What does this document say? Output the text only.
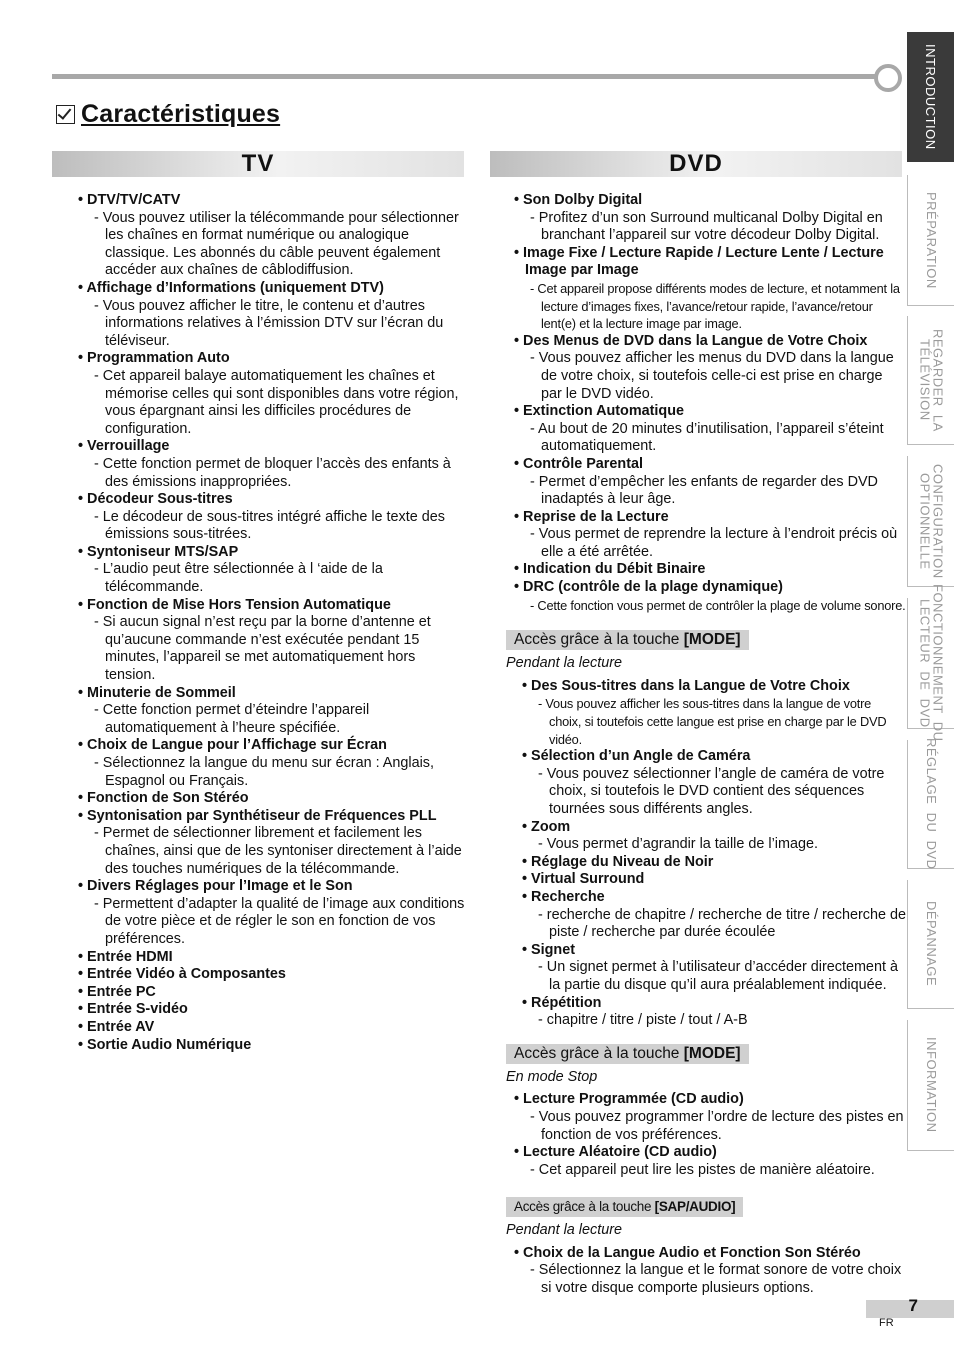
Caractéristiques
TV	DVD
• DTV/TV/CATV
- Vous pouvez utiliser la télécommande pour sélectionner les chaînes en format numérique ou analogique classique. Les abonnés du câble peuvent également accéder aux chaînes de câblodiffusion.
• Affichage d’Informations (uniquement DTV)
- Vous pouvez afficher le titre, le contenu et d’autres informations relatives à l’émission DTV sur l’écran du téléviseur.
• Programmation Auto
- Cet appareil balaye automatiquement les chaînes et mémorise celles qui sont disponibles dans votre région, vous épargnant ainsi les difficiles procédures de configuration.
• Verrouillage
- Cette fonction permet de bloquer l’accès des enfants à des émissions inappropriées.
• Décodeur Sous-titres
- Le décodeur de sous-titres intégré affiche le texte des émissions sous-titrées.
• Syntoniseur MTS/SAP
- L’audio peut être sélectionnée à l ‘aide de la télécommande.
• Fonction de Mise Hors Tension Automatique
- Si aucun signal n’est reçu par la borne d’antenne et qu’aucune commande n’est exécutée pendant 15 minutes, l’appareil se met automatiquement hors tension.
• Minuterie de Sommeil
- Cette fonction permet d’éteindre l’appareil automatiquement à l’heure spécifiée.
• Choix de Langue pour l’Affichage sur Écran
- Sélectionnez la langue du menu sur écran : Anglais, Espagnol ou Français.
• Fonction de Son Stéréo
• Syntonisation par Synthétiseur de Fréquences PLL
- Permet de sélectionner librement et facilement les chaînes, ainsi que de les syntoniser directement à l’aide des touches numériques de la télécommande.
• Divers Réglages pour l’Image et le Son
- Permettent d’adapter la qualité de l’image aux conditions de votre pièce et de régler le son en fonction de vos préférences.
• Entrée HDMI
• Entrée Vidéo à Composantes
• Entrée PC
• Entrée S-vidéo
• Entrée AV
• Sortie Audio Numérique
• Son Dolby Digital
- Profitez d’un son Surround multicanal Dolby Digital en branchant l’appareil sur votre décodeur Dolby Digital.
• Image Fixe / Lecture Rapide / Lecture Lente / Lecture Image par Image
- Cet appareil propose différents modes de lecture, et notamment la lecture d’images fixes, l’avance/retour rapide, l’avance/retour lent(e) et la lecture image par image.
• Des Menus de DVD dans la Langue de Votre Choix
- Vous pouvez afficher les menus du DVD dans la langue de votre choix, si toutefois celle-ci est prise en charge par le DVD vidéo.
• Extinction Automatique
- Au bout de 20 minutes d’inutilisation, l’appareil s’éteint automatiquement.
• Contrôle Parental
- Permet d’empêcher les enfants de regarder des DVD inadaptés à leur âge.
• Reprise de la Lecture
- Vous permet de reprendre la lecture à l’endroit précis où elle a été arrêtée.
• Indication du Débit Binaire
• DRC (contrôle de la plage dynamique)
- Cette fonction vous permet de contrôler la plage de volume sonore.
Accès grâce à la touche [MODE]
Pendant la lecture
• Des Sous-titres dans la Langue de Votre Choix
- Vous pouvez afficher les sous-titres dans la langue de votre choix, si toutefois cette langue est prise en charge par le DVD vidéo.
• Sélection d’un Angle de Caméra
- Vous pouvez sélectionner l’angle de caméra de votre choix, si toutefois le DVD contient des séquences tournées sous différents angles.
• Zoom
- Vous permet d’agrandir la taille de l’image.
• Réglage du Niveau de Noir
• Virtual Surround
• Recherche
- recherche de chapitre / recherche de titre / recherche de piste / recherche par durée écoulée
• Signet
- Un signet permet à l’utilisateur d’accéder directement à la partie du disque qu’il aura préalablement indiquée.
• Répétition
- chapitre / titre / piste / tout / A-B
Accès grâce à la touche [MODE]
En mode Stop
• Lecture Programmée (CD audio)
- Vous pouvez programmer l’ordre de lecture des pistes en fonction de vos préférences.
• Lecture Aléatoire (CD audio)
- Cet appareil peut lire les pistes de manière aléatoire.
Accès grâce à la touche [SAP/AUDIO]
Pendant la lecture
• Choix de la Langue Audio et Fonction Son Stéréo
- Sélectionnez la langue et le format sonore de votre choix si votre disque comporte plusieurs options.
INTRODUCTION
PRÉPARATION
REGARDER  LA
TÉLÉVISION
CONFIGURATION
OPTIONNELLE
FONCTIONNEMENT  DU
LECTEUR  DE  DVD
RÉGLAGE  DU  DVD
DÉPANNAGE
INFORMATION
7
FR
